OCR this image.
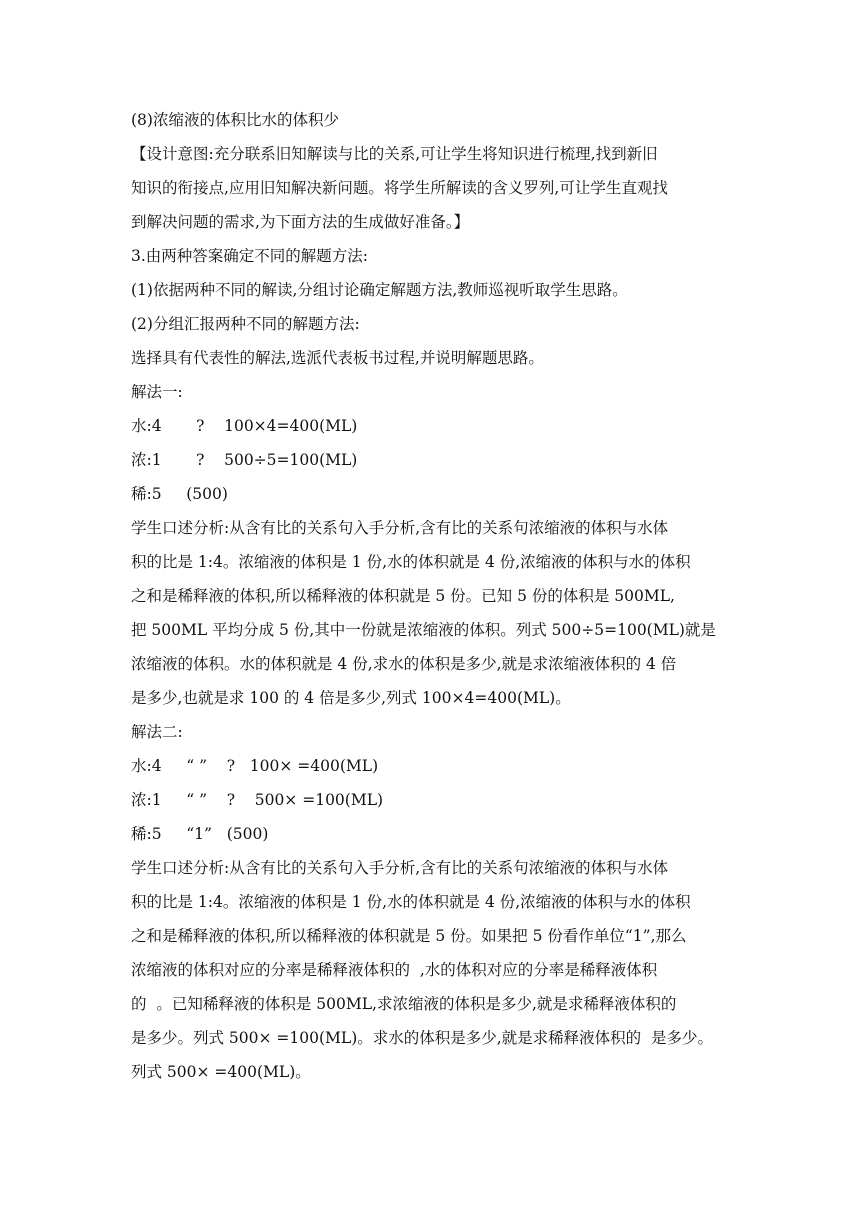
(8)浓缩液的体积比水的体积少
【设计意图:充分联系旧知解读与比的关系,可让学生将知识进行梳理,找到新旧
知识的衔接点,应用旧知解决新问题。将学生所解读的含义罗列,可让学生直观找
到解决问题的需求,为下面方法的生成做好准备。】
3.由两种答案确定不同的解题方法:
(1)依据两种不同的解读,分组讨论确定解题方法,教师巡视听取学生思路。
(2)分组汇报两种不同的解题方法:
选择具有代表性的解法,选派代表板书过程,并说明解题思路。
解法一:
水:4       ?    100×4=400(ML)
浓:1       ?    500÷5=100(ML)
稀:5     (500)
学生口述分析:从含有比的关系句入手分析,含有比的关系句浓缩液的体积与水体
积的比是 1:4。浓缩液的体积是 1 份,水的体积就是 4 份,浓缩液的体积与水的体积
之和是稀释液的体积,所以稀释液的体积就是 5 份。已知 5 份的体积是 500ML,
把 500ML 平均分成 5 份,其中一份就是浓缩液的体积。列式 500÷5=100(ML)就是
浓缩液的体积。水的体积就是 4 份,求水的体积是多少,就是求浓缩液体积的 4 倍
是多少,也就是求 100 的 4 倍是多少,列式 100×4=400(ML)。
解法二:
水:4     “ ”    ?   100× =400(ML)
浓:1     “ ”    ?    500× =100(ML)
稀:5     “1”   (500)
学生口述分析:从含有比的关系句入手分析,含有比的关系句浓缩液的体积与水体
积的比是 1:4。浓缩液的体积是 1 份,水的体积就是 4 份,浓缩液的体积与水的体积
之和是稀释液的体积,所以稀释液的体积就是 5 份。如果把 5 份看作单位“1”,那么
浓缩液的体积对应的分率是稀释液体积的  ,水的体积对应的分率是稀释液体积
的  。已知稀释液的体积是 500ML,求浓缩液的体积是多少,就是求稀释液体积的
是多少。列式 500× =100(ML)。求水的体积是多少,就是求稀释液体积的  是多少。
列式 500× =400(ML)。
